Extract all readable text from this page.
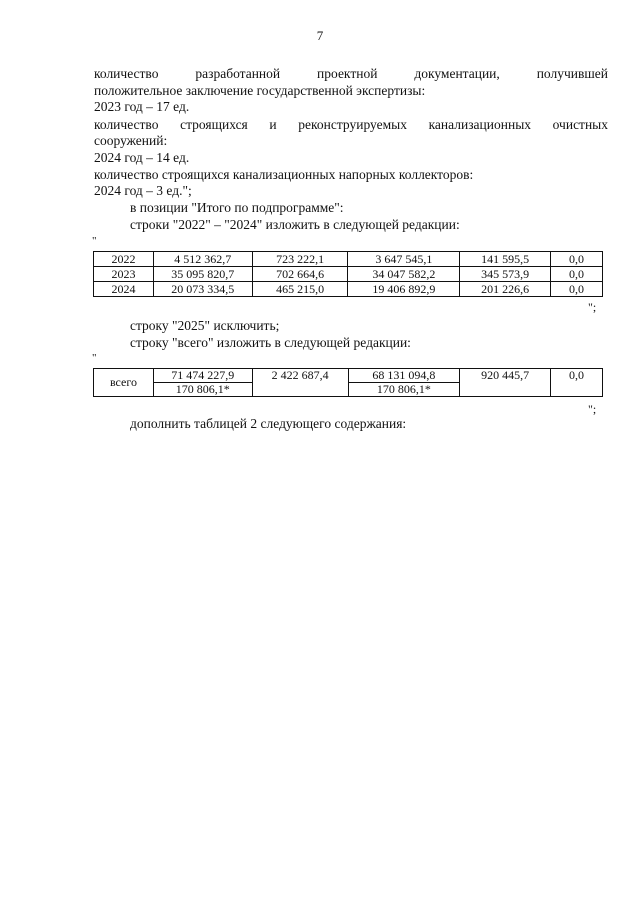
7
количество разработанной проектной документации, получившей
положительное заключение государственной экспертизы:
2023 год – 17 ед.
количество строящихся и реконструируемых канализационных очистных
сооружений:
2024 год – 14 ед.
количество строящихся канализационных напорных коллекторов:
2024 год – 3 ед.";
в позиции "Итого по подпрограмме":
строки "2022" – "2024" изложить в следующей редакции:
"
2022	4 512 362,7	723 222,1	3 647 545,1	141 595,5	0,0
2023	35 095 820,7	702 664,6	34 047 582,2	345 573,9	0,0
2024	20 073 334,5	465 215,0	19 406 892,9	201 226,6	0,0
";
строку "2025" исключить;
строку "всего" изложить в следующей редакции:
"
всего	71 474 227,9	2 422 687,4	68 131 094,8	920 445,7	0,0
	170 806,1*		170 806,1*		
";
дополнить таблицей 2 следующего содержания:
